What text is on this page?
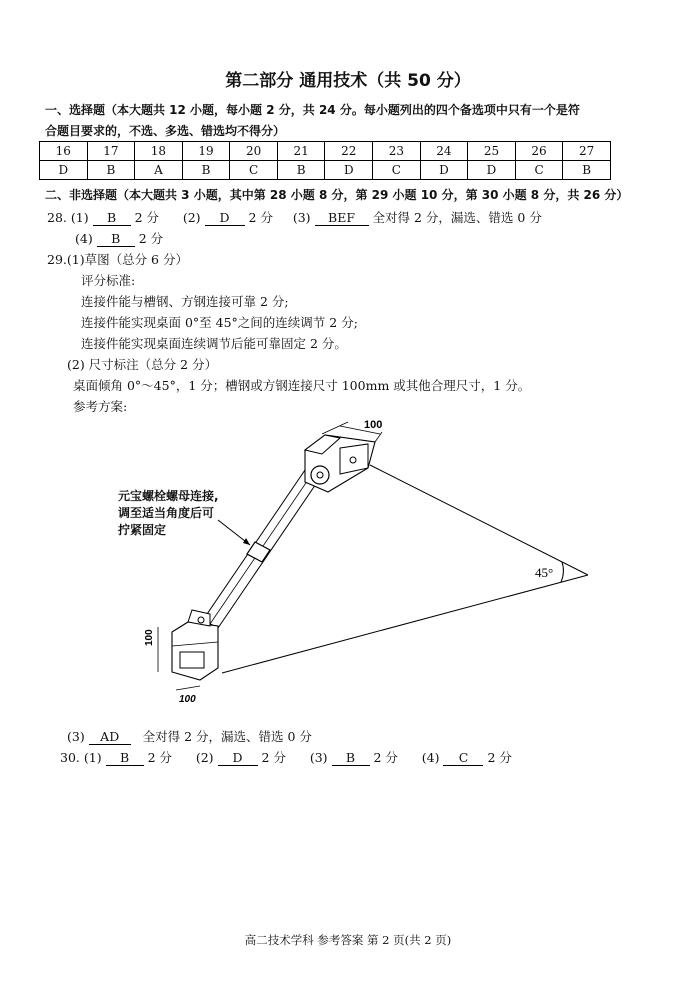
第二部分 通用技术（共 50 分）
一、选择题（本大题共 12 小题，每小题 2 分，共 24 分。每小题列出的四个备选项中只有一个是符
合题目要求的，不选、多选、错选均不得分）
16	17	18	19	20	21	22	23	24	25	26	27
D	B	A	B	C	B	D	C	D	D	C	B
二、非选择题（本大题共 3 小题，其中第 28 小题 8 分，第 29 小题 10 分，第 30 小题 8 分，共 26 分）
28. (1) B 2 分 (2) D 2 分 (3) BEF 全对得 2 分，漏选、错选 0 分
(4) B 2 分
29.(1)草图（总分 6 分）
评分标准:
连接件能与槽钢、方钢连接可靠 2 分;
连接件能实现桌面 0°至 45°之间的连续调节 2 分;
连接件能实现桌面连续调节后能可靠固定 2 分。
(2) 尺寸标注（总分 2 分）
桌面倾角 0°～45°，1 分；槽钢或方钢连接尺寸 100mm 或其他合理尺寸，1 分。
参考方案:
45°
100
100
100
元宝螺栓螺母连接,
调至适当角度后可
拧紧固定
(3) AD 全对得 2 分，漏选、错选 0 分
30. (1) B 2 分 (2) D 2 分 (3) B 2 分 (4) C 2 分
高二技术学科 参考答案 第 2 页(共 2 页)
